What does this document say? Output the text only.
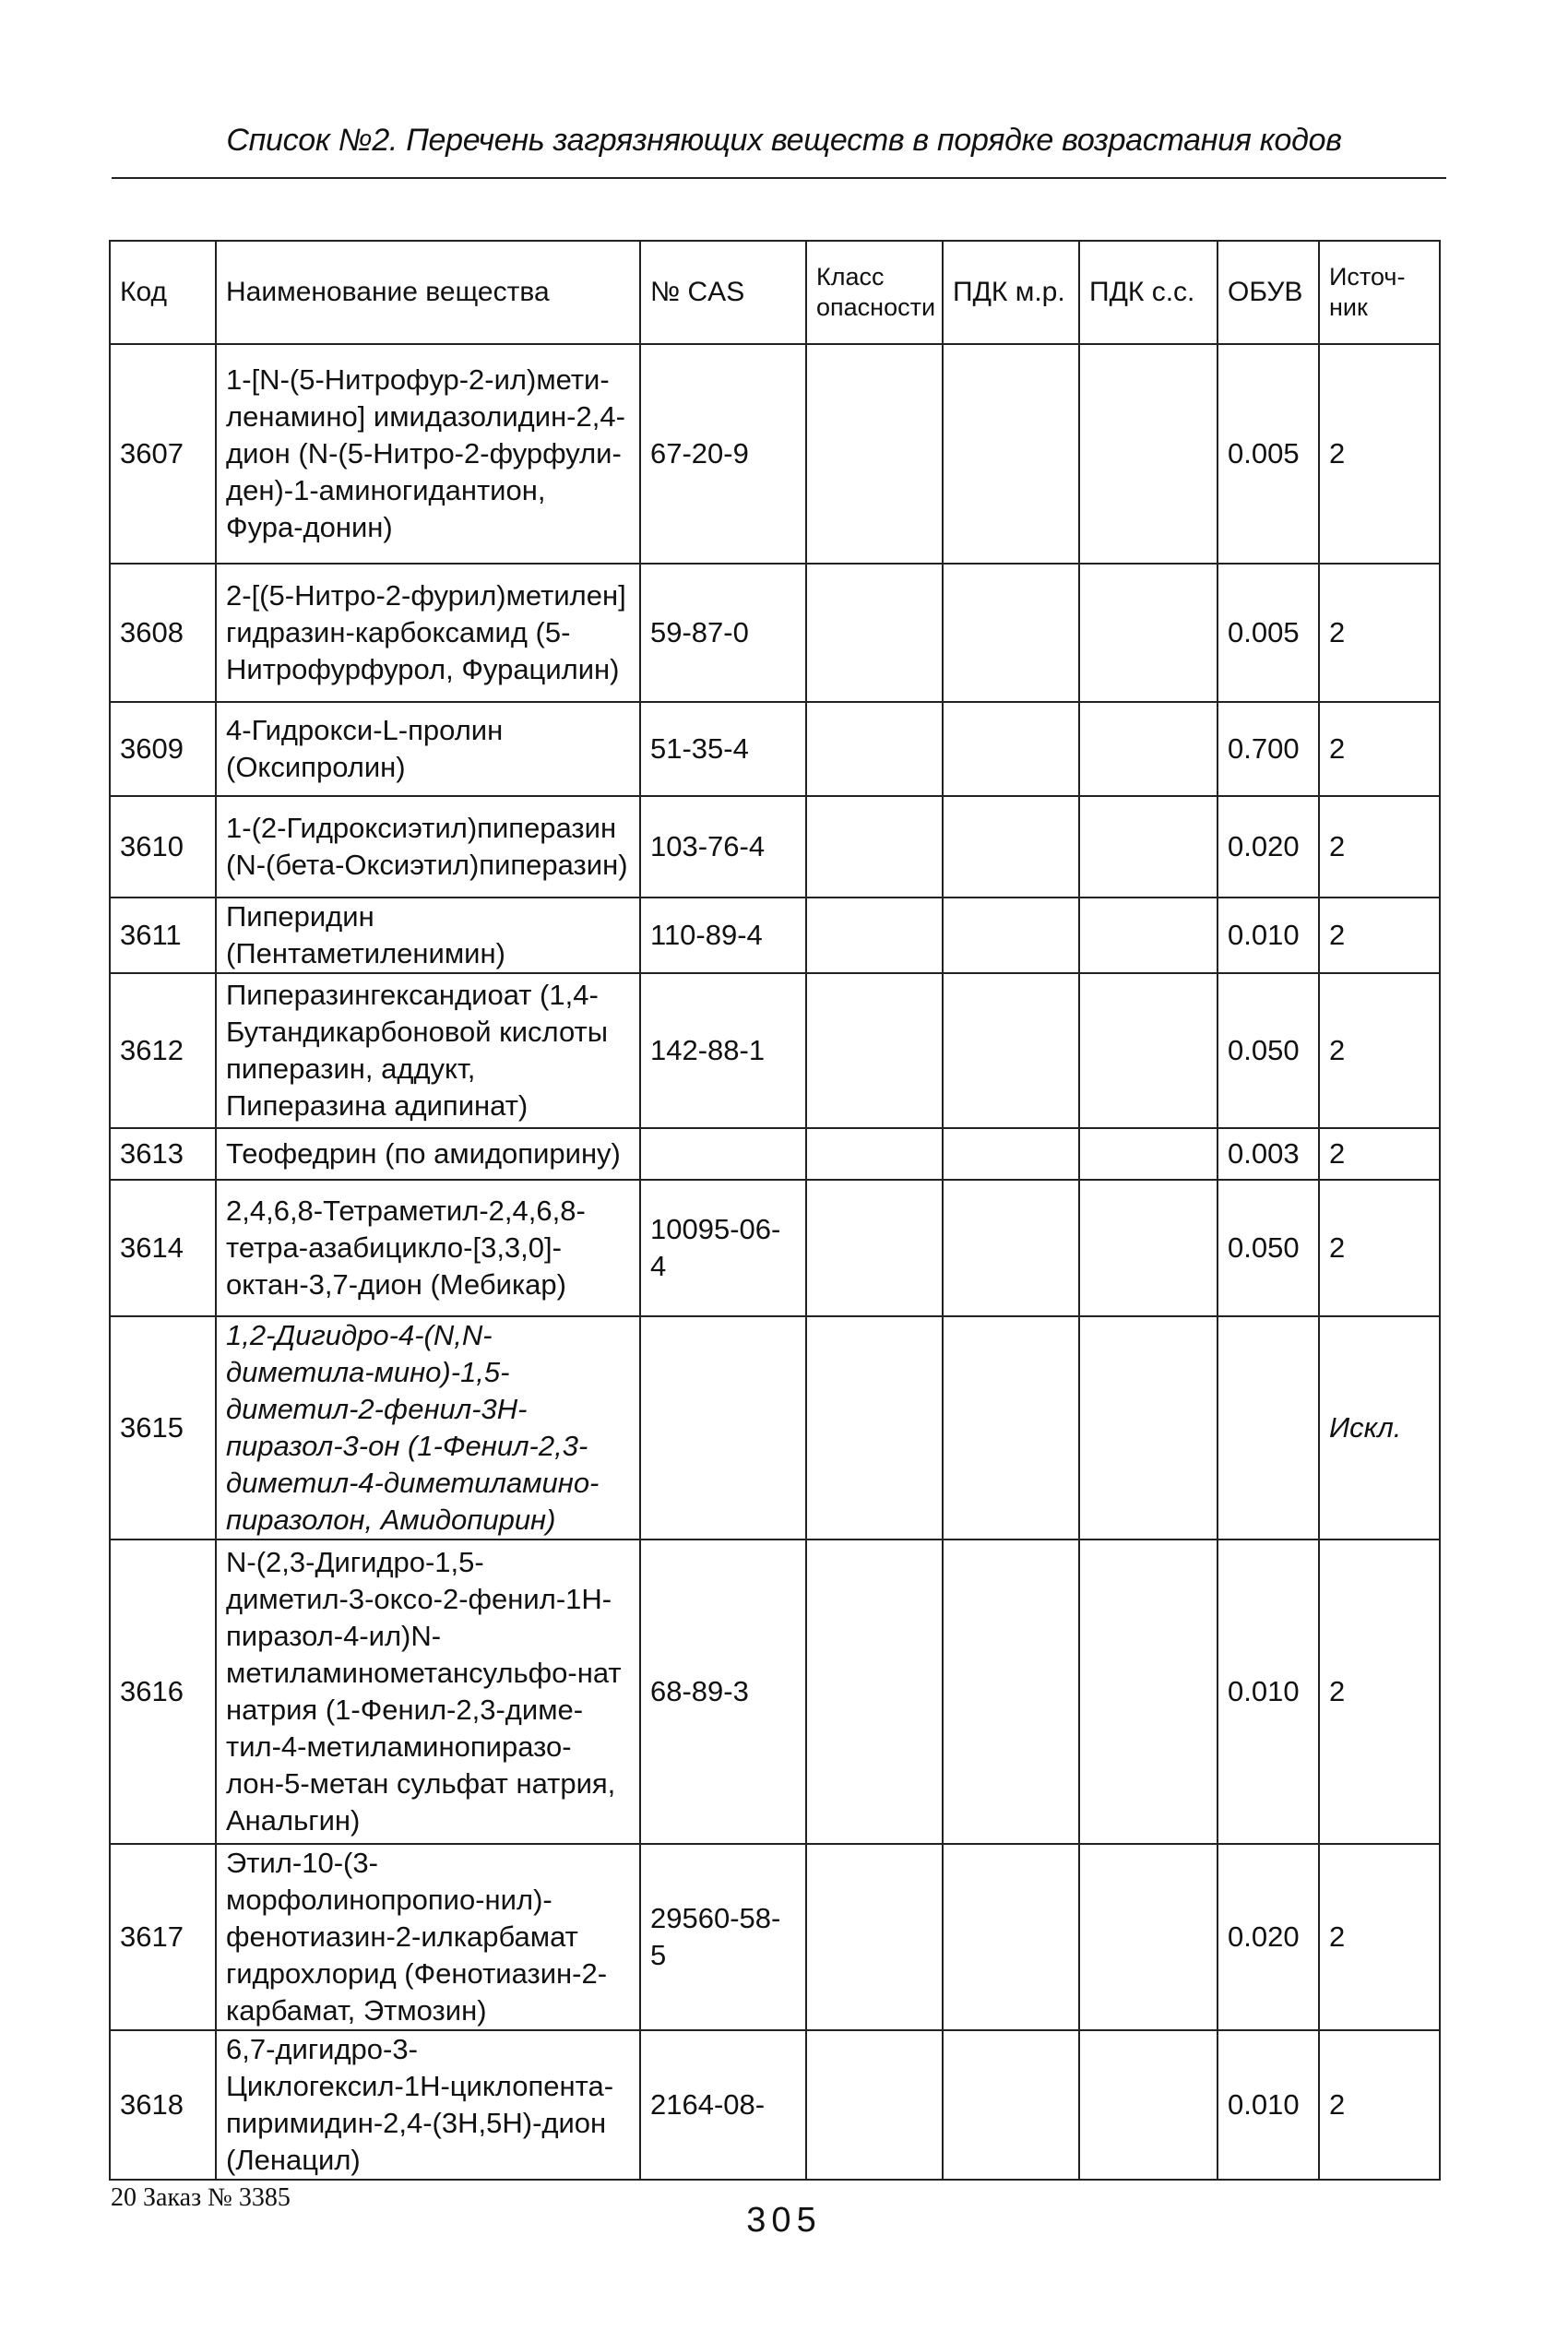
Список №2. Перечень загрязняющих веществ в порядке возрастания кодов
Код	Наименование вещества	№ CAS	Класс опасности	ПДК м.р.	ПДК с.с.	ОБУВ	Источ-ник
3607	1-[N-(5-Нитрофур-2-ил)мети-ленамино] имидазолидин-2,4-дион (N-(5-Нитро-2-фурфули-ден)-1-аминогидантион, Фура-донин)	67-20-9				0.005	2
3608	2-[(5-Нитро-2-фурил)метилен] гидразин-карбоксамид (5-Нитрофурфурол, Фурацилин)	59-87-0				0.005	2
3609	4-Гидрокси-L-пролин (Оксипролин)	51-35-4				0.700	2
3610	1-(2-Гидроксиэтил)пиперазин (N-(бета-Оксиэтил)пиперазин)	103-76-4				0.020	2
3611	Пиперидин (Пентаметиленимин)	110-89-4				0.010	2
3612	Пиперазингександиоат (1,4-Бутандикарбоновой кислоты пиперазин, аддукт, Пиперазина адипинат)	142-88-1				0.050	2
3613	Теофедрин (по амидопирину)					0.003	2
3614	2,4,6,8-Тетраметил-2,4,6,8-тетра-азабицикло-[3,3,0]-октан-3,7-дион (Мебикар)	10095-06-4				0.050	2
3615	1,2-Дигидро-4-(N,N-диметила-мино)-1,5-диметил-2-фенил-3Н-пиразол-3-он (1-Фенил-2,3-диметил-4-диметиламино-пиразолон, Амидопирин)						Искл.
3616	N-(2,3-Дигидро-1,5-диметил-3-оксо-2-фенил-1Н-пиразол-4-ил)N-метиламинометансульфо-нат натрия (1-Фенил-2,3-диме-тил-4-метиламинопиразо-лон-5-метан сульфат натрия, Анальгин)	68-89-3				0.010	2
3617	Этил-10-(3-морфолинопропио-нил)-фенотиазин-2-илкарбамат гидрохлорид (Фенотиазин-2-карбамат, Этмозин)	29560-58-5				0.020	2
3618	6,7-дигидро-3-Циклогексил-1Н-циклопента-пиримидин-2,4-(3Н,5Н)-дион (Ленацил)	2164-08-				0.010	2
20 Заказ № 3385
305
